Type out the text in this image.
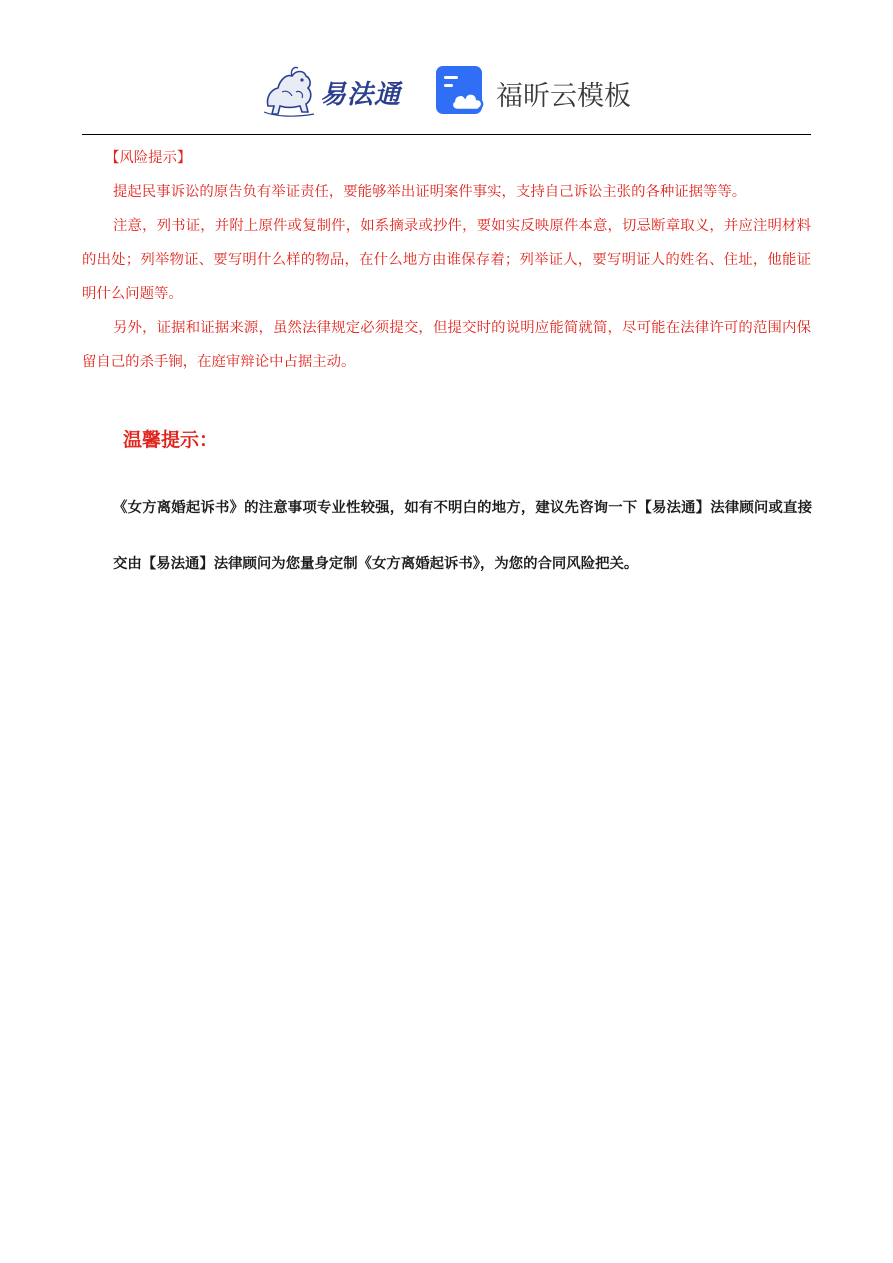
易法通	福昕云模板

【风险提示】

提起民事诉讼的原告负有举证责任，要能够举出证明案件事实，支持自己诉讼主张的各种证据等等。

注意，列书证，并附上原件或复制件，如系摘录或抄件，要如实反映原件本意，切忌断章取义，并应注明材料的出处；列举物证、要写明什么样的物品，在什么地方由谁保存着；列举证人，要写明证人的姓名、住址，他能证明什么问题等。

另外，证据和证据来源，虽然法律规定必须提交，但提交时的说明应能简就简，尽可能在法律许可的范围内保留自己的杀手锏，在庭审辩论中占据主动。

温馨提示：
《女方离婚起诉书》的注意事项专业性较强，如有不明白的地方，建议先咨询一下【易法通】法律顾问或直接交由【易法通】法律顾问为您量身定制《女方离婚起诉书》，为您的合同风险把关。
